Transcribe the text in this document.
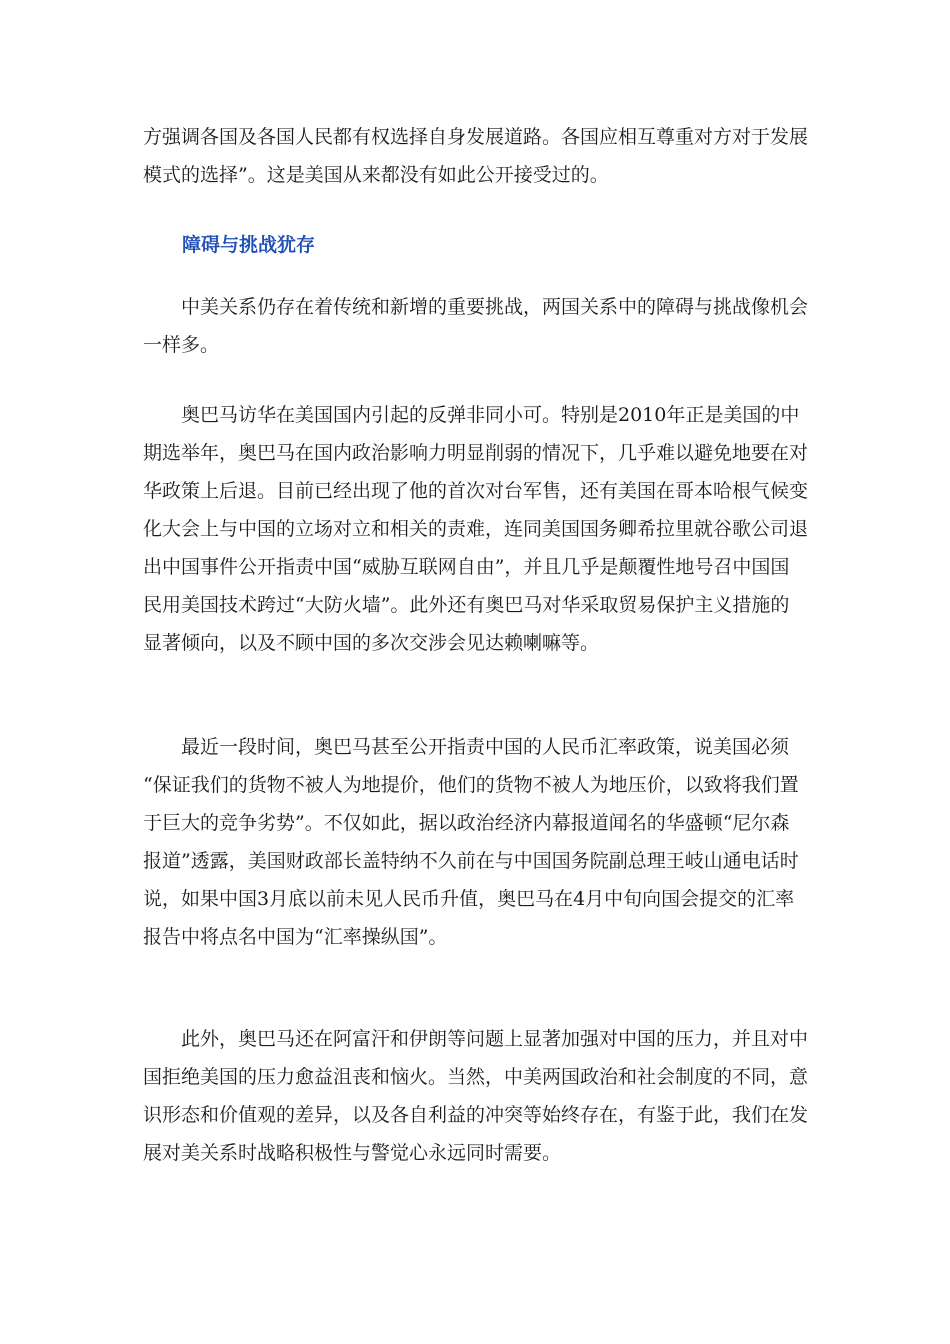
方强调各国及各国人民都有权选择自身发展道路。各国应相互尊重对方对于发展
模式的选择”。这是美国从来都没有如此公开接受过的。
障碍与挑战犹存
中美关系仍存在着传统和新增的重要挑战，两国关系中的障碍与挑战像机会
一样多。
奥巴马访华在美国国内引起的反弹非同小可。特别是2010年正是美国的中
期选举年，奥巴马在国内政治影响力明显削弱的情况下，几乎难以避免地要在对
华政策上后退。目前已经出现了他的首次对台军售，还有美国在哥本哈根气候变
化大会上与中国的立场对立和相关的责难，连同美国国务卿希拉里就谷歌公司退
出中国事件公开指责中国“威胁互联网自由”，并且几乎是颠覆性地号召中国国
民用美国技术跨过“大防火墙”。此外还有奥巴马对华采取贸易保护主义措施的
显著倾向，以及不顾中国的多次交涉会见达赖喇嘛等。
最近一段时间，奥巴马甚至公开指责中国的人民币汇率政策，说美国必须
“保证我们的货物不被人为地提价，他们的货物不被人为地压价，以致将我们置
于巨大的竞争劣势”。不仅如此，据以政治经济内幕报道闻名的华盛顿“尼尔森
报道”透露，美国财政部长盖特纳不久前在与中国国务院副总理王岐山通电话时
说，如果中国3月底以前未见人民币升值，奥巴马在4月中旬向国会提交的汇率
报告中将点名中国为“汇率操纵国”。
此外，奥巴马还在阿富汗和伊朗等问题上显著加强对中国的压力，并且对中
国拒绝美国的压力愈益沮丧和恼火。当然，中美两国政治和社会制度的不同，意
识形态和价值观的差异，以及各自利益的冲突等始终存在，有鉴于此，我们在发
展对美关系时战略积极性与警觉心永远同时需要。
